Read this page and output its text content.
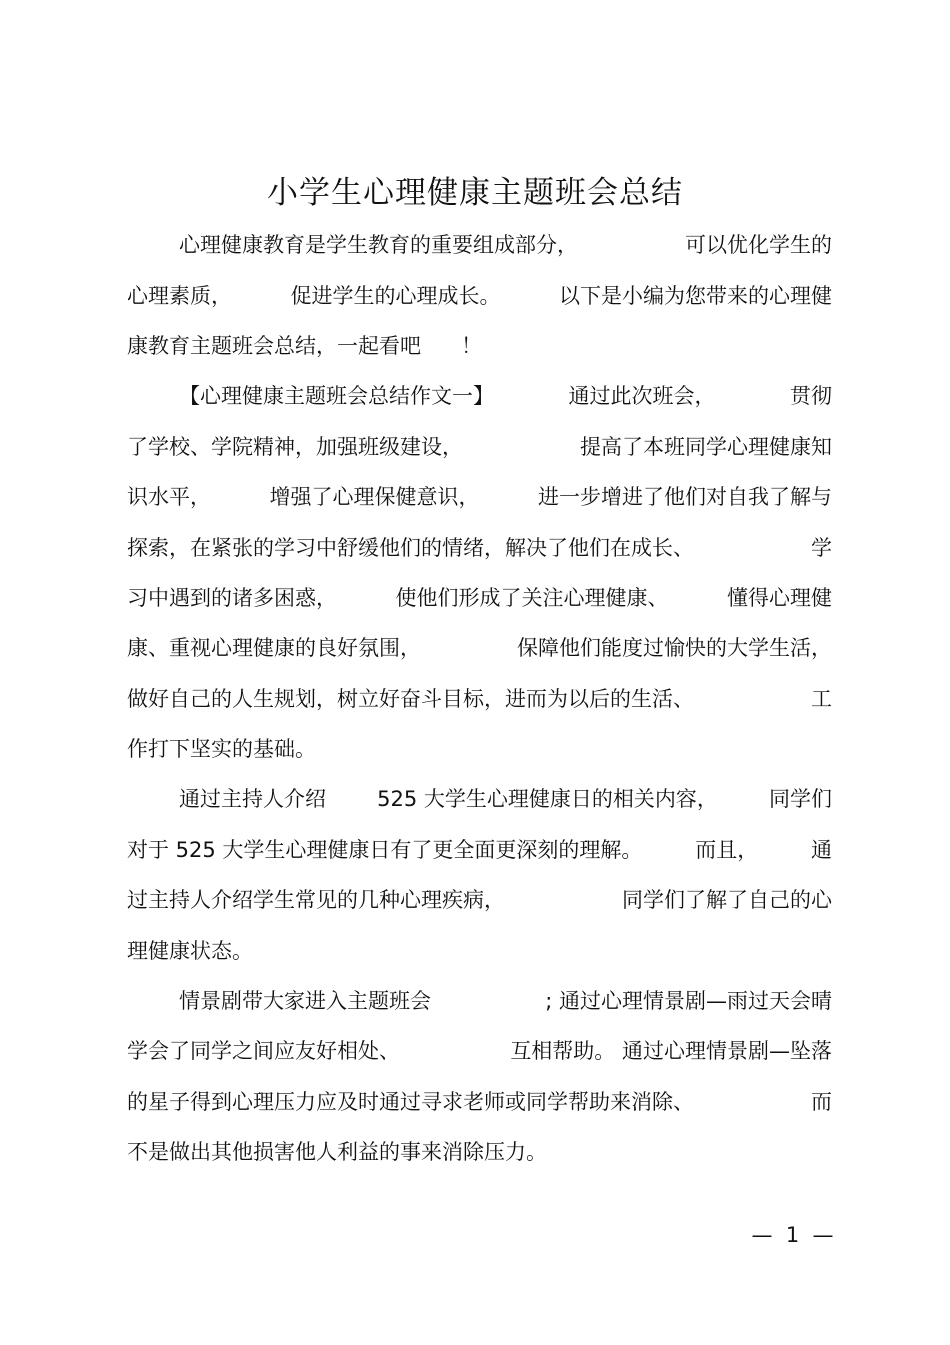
小学生心理健康主题班会总结
心理健康教育是学生教育的重要组成部分，	可以优化学生的
心理素质，	促进学生的心理成长。	以下是小编为您带来的心理健
康教育主题班会总结，一起看吧 ！
【心理健康主题班会总结作文一】	通过此次班会，	贯彻
了学校、学院精神，加强班级建设，	提高了本班同学心理健康知
识水平，	增强了心理保健意识，	进一步增进了他们对自我了解与
探索，在紧张的学习中舒缓他们的情绪，解决了他们在成长、	学
习中遇到的诸多困惑，	使他们形成了关注心理健康、	懂得心理健
康、重视心理健康的良好氛围，	保障他们能度过愉快的大学生活，
做好自己的人生规划，树立好奋斗目标，进而为以后的生活、	工
作打下坚实的基础。
通过主持人介绍 525 大学生心理健康日的相关内容， 同学们
对于 525 大学生心理健康日有了更全面更深刻的理解。	而且，	通
过主持人介绍学生常见的几种心理疾病，	同学们了解了自己的心
理健康状态。
情景剧带大家进入主题班会	; 通过心理情景剧—雨过天会晴
学会了同学之间应友好相处、	互相帮助。 通过心理情景剧—坠落
的星子得到心理压力应及时通过寻求老师或同学帮助来消除、	而
不是做出其他损害他人利益的事来消除压力。
—  1  —
